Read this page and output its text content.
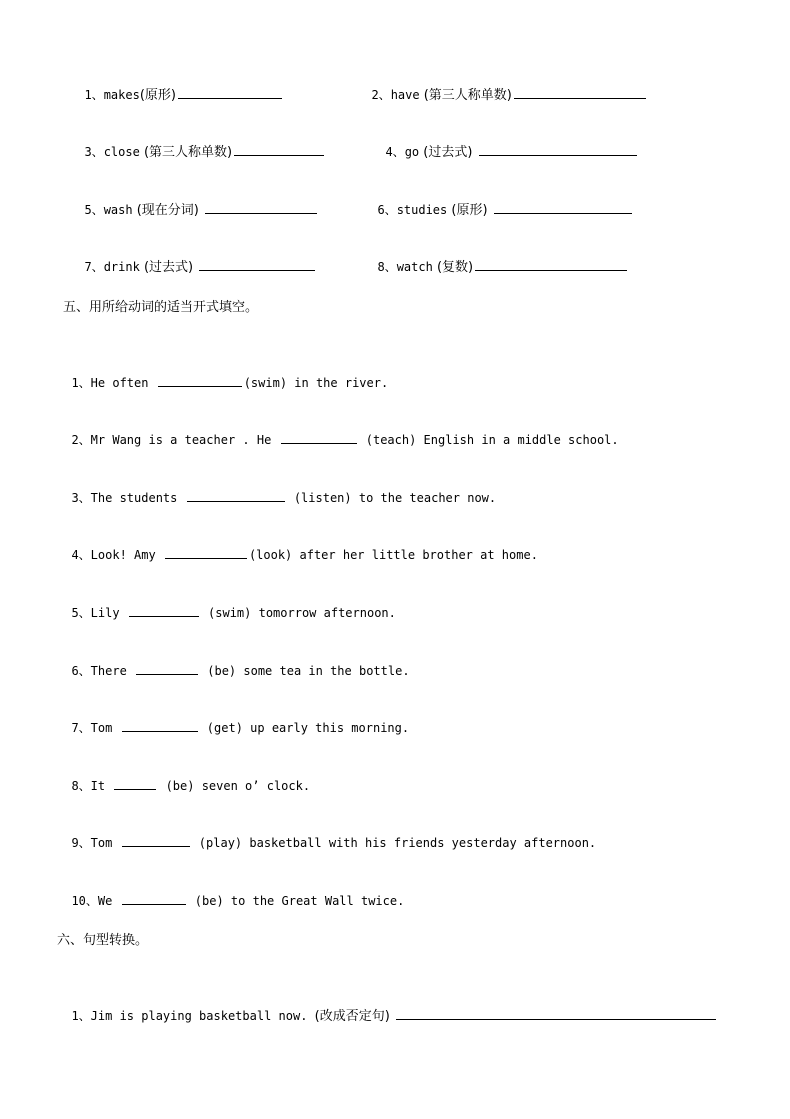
1、makes(原形)	2、have (第三人称单数)

3、close (第三人称单数)	4、go (过去式)

5、wash (现在分词)	6、studies (原形)

7、drink (过去式)	8、watch (复数)

五、用所给动词的适当开式填空。

1、He often	(swim) in the river.

2、Mr Wang is a teacher . He	(teach) English in a middle school.

3、The students	(listen) to the teacher now.

4、Look! Amy	(look) after her little brother at home.

5、Lily	(swim) tomorrow afternoon.

6、There	(be) some tea in the bottle.

7、Tom	(get) up early this morning.

8、It	(be) seven o’ clock.

9、Tom	(play) basketball with his friends yesterday afternoon.

10、We	(be) to the Great Wall twice.

六、句型转换。

1、Jim is playing basketball now. (改成否定句)
